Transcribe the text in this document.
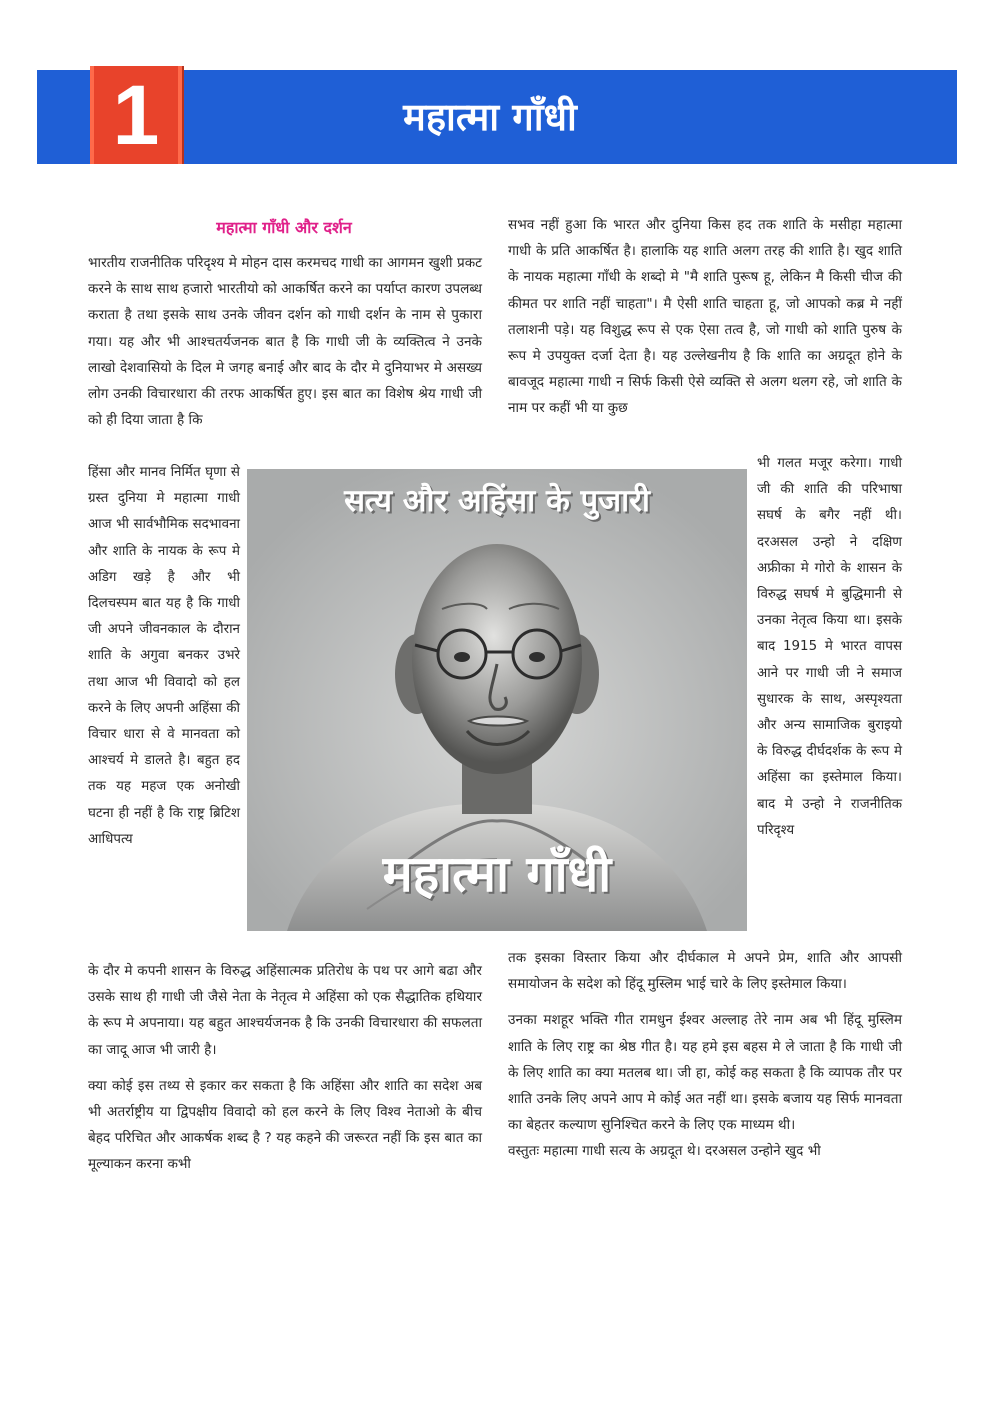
1	महात्मा गाँधी
महात्मा गाँधी और दर्शन

भारतीय राजनीतिक परिदृश्य मे मोहन दास करमचद गाधी का आगमन खुशी प्रकट करने के साथ साथ हजारो भारतीयो को आकर्षित करने का पर्याप्त कारण उपलब्ध कराता है तथा इसके साथ उनके जीवन दर्शन को गाधी दर्शन के नाम से पुकारा गया। यह और भी आश्चतर्यजनक बात है कि गाधी जी के व्यक्तित्व ने उनके लाखो देशवासियो के दिल मे जगह बनाई और बाद के दौर मे दुनियाभर मे असख्य लोग उनकी विचारधारा की तरफ आकर्षित हुए। इस बात का विशेष श्रेय गाधी जी को ही दिया जाता है कि

हिंसा और मानव निर्मित घृणा से ग्रस्त दुनिया मे महात्मा गाधी आज भी सार्वभौमिक सदभावना और शाति के नायक के रूप मे अडिग खड़े है और भी दिलचस्पम बात यह है कि गाधी जी अपने जीवनकाल के दौरान शाति के अगुवा बनकर उभरे तथा आज भी विवादो को हल करने के लिए अपनी अहिंसा की विचार धारा से वे मानवता को आश्चर्य मे डालते है। बहुत हद तक यह महज एक अनोखी घटना ही नहीं है कि राष्ट्र ब्रिटिश आधिपत्य

के दौर मे कपनी शासन के विरुद्ध अहिंसात्मक प्रतिरोध के पथ पर आगे बढा और उसके साथ ही गाधी जी जैसे नेता के नेतृत्व मे अहिंसा को एक सैद्धातिक हथियार के रूप मे अपनाया। यह बहुत आश्चर्यजनक है कि उनकी विचारधारा की सफलता का जादू आज भी जारी है।

क्या कोई इस तथ्य से इकार कर सकता है कि अहिंसा और शाति का सदेश अब भी अतर्राष्ट्रीय या द्विपक्षीय विवादो को हल करने के लिए विश्व नेताओ के बीच बेहद परिचित और आकर्षक शब्द है ? यह कहने की जरूरत नहीं कि इस बात का मूल्याकन करना कभी

सभव नहीं हुआ कि भारत और दुनिया किस हद तक शाति के मसीहा महात्मा गाधी के प्रति आकर्षित है। हालाकि यह शाति अलग तरह की शाति है। खुद शाति के नायक महात्मा गाँधी के शब्दो मे "मै शाति पुरूष हू, लेकिन मै किसी चीज की कीमत पर शाति नहीं चाहता"। मै ऐसी शाति चाहता हू, जो आपको कब्र मे नहीं तलाशनी पड़े। यह विशुद्ध रूप से एक ऐसा तत्व है, जो गाधी को शाति पुरुष के रूप मे उपयुक्त दर्जा देता है। यह उल्लेखनीय है कि शाति का अग्रदूत होने के बावजूद महात्मा गाधी न सिर्फ किसी ऐसे व्यक्ति से अलग थलग रहे, जो शाति के नाम पर कहीं भी या कुछ

भी गलत मजूर करेगा। गाधी जी की शाति की परिभाषा सघर्ष के बगैर नहीं थी। दरअसल उन्हो ने दक्षिण अफ्रीका मे गोरो के शासन के विरुद्ध सघर्ष मे बुद्धिमानी से उनका नेतृत्व किया था। इसके बाद 1915 मे भारत वापस आने पर गाधी जी ने समाज सुधारक के साथ, अस्पृश्यता और अन्य सामाजिक बुराइयो के विरुद्ध दीर्घदर्शक के रूप मे अहिंसा का इस्तेमाल किया। बाद मे उन्हो ने राजनीतिक परिदृश्य

तक इसका विस्तार किया और दीर्घकाल मे अपने प्रेम, शाति और आपसी समायोजन के सदेश को हिंदू मुस्लिम भाई चारे के लिए इस्तेमाल किया।

उनका मशहूर भक्ति गीत रामधुन ईश्वर अल्लाह तेरे नाम अब भी हिंदू मुस्लिम शाति के लिए राष्ट्र का श्रेष्ठ गीत है। यह हमे इस बहस मे ले जाता है कि गाधी जी के लिए शाति का क्या मतलब था। जी हा, कोई कह सकता है कि व्यापक तौर पर शाति उनके लिए अपने आप मे कोई अत नहीं था। इसके बजाय यह सिर्फ मानवता का बेहतर कल्याण सुनिश्चित करने के लिए एक माध्यम थी।

वस्तुतः महात्मा गाधी सत्य के अग्रदूत थे। दरअसल उन्होने खुद भी

सत्य और अहिंसा के पुजारी
महात्मा गाँधी
